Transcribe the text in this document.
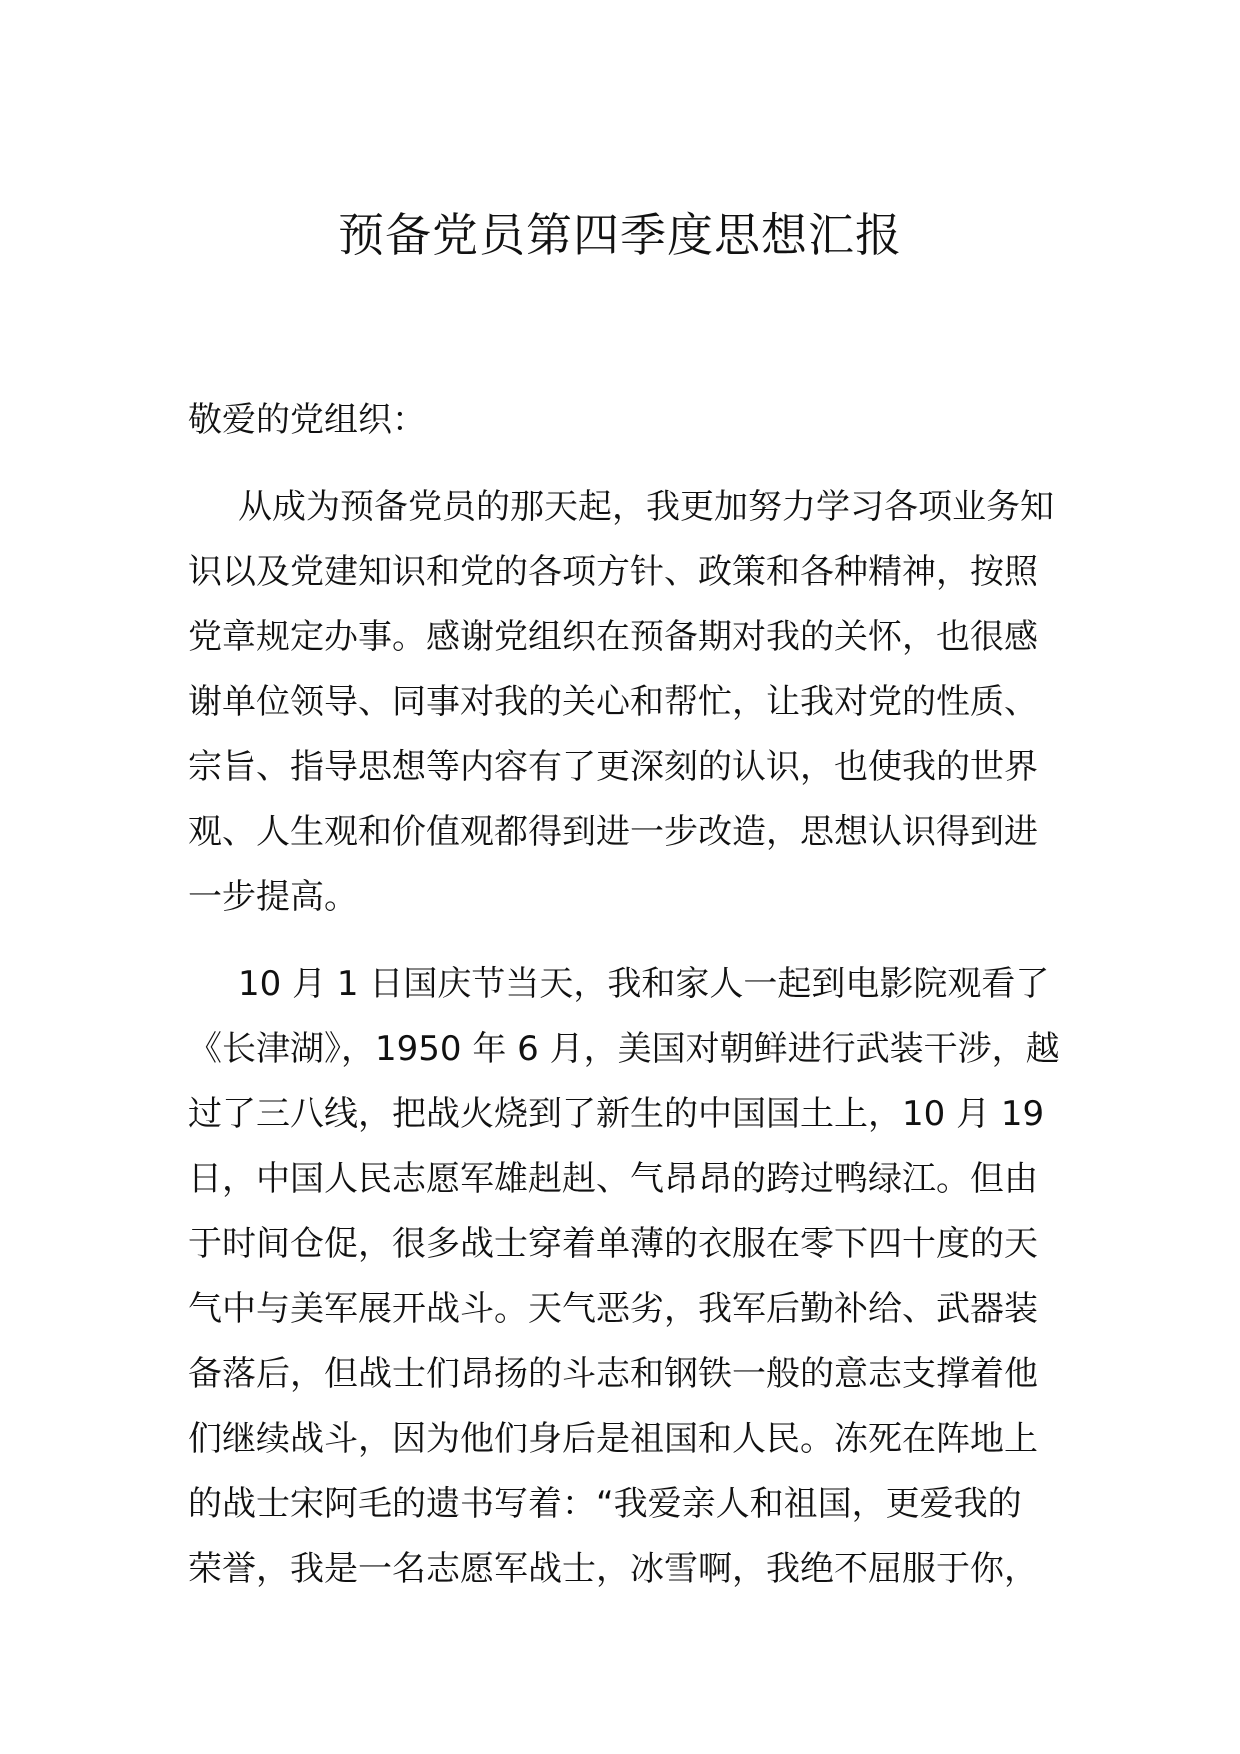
预备党员第四季度思想汇报

敬爱的党组织：

从成为预备党员的那天起，我更加努力学习各项业务知
识以及党建知识和党的各项方针、政策和各种精神，按照
党章规定办事。感谢党组织在预备期对我的关怀，也很感
谢单位领导、同事对我的关心和帮忙，让我对党的性质、
宗旨、指导思想等内容有了更深刻的认识，也使我的世界
观、人生观和价值观都得到进一步改造，思想认识得到进
一步提高。

10 月 1 日国庆节当天，我和家人一起到电影院观看了
《长津湖》，1950 年 6 月，美国对朝鲜进行武装干涉，越
过了三八线，把战火烧到了新生的中国国土上，10 月 19
日，中国人民志愿军雄赳赳、气昂昂的跨过鸭绿江。但由
于时间仓促，很多战士穿着单薄的衣服在零下四十度的天
气中与美军展开战斗。天气恶劣，我军后勤补给、武器装
备落后，但战士们昂扬的斗志和钢铁一般的意志支撑着他
们继续战斗，因为他们身后是祖国和人民。冻死在阵地上
的战士宋阿毛的遗书写着：“我爱亲人和祖国，更爱我的
荣誉，我是一名志愿军战士，冰雪啊，我绝不屈服于你，
